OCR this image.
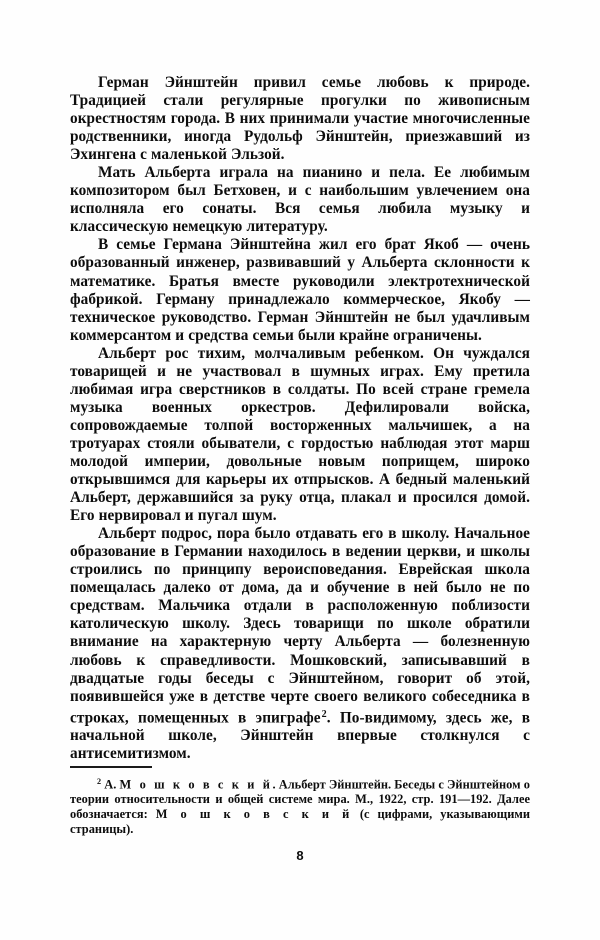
Герман Эйнштейн привил семье любовь к природе. Традицией стали регулярные прогулки по живописным окрестностям города. В них принимали участие многочисленные родственники, иногда Рудольф Эйнштейн, приезжавший из Эхингена с маленькой Эльзой.

Мать Альберта играла на пианино и пела. Ее любимым композитором был Бетховен, и с наибольшим увлечением она исполняла его сонаты. Вся семья любила музыку и классическую немецкую литературу.

В семье Германа Эйнштейна жил его брат Якоб — очень образованный инженер, развивавший у Альберта склонности к математике. Братья вместе руководили электротехнической фабрикой. Герману принадлежало коммерческое, Якобу — техническое руководство. Герман Эйнштейн не был удачливым коммерсантом и средства семьи были крайне ограничены.

Альберт рос тихим, молчаливым ребенком. Он чуждался товарищей и не участвовал в шумных играх. Ему претила любимая игра сверстников в солдаты. По всей стране гремела музыка военных оркестров. Дефилировали войска, сопровождаемые толпой восторженных мальчишек, а на тротуарах стояли обыватели, с гордостью наблюдая этот марш молодой империи, довольные новым поприщем, широко открывшимся для карьеры их отпрысков. А бедный маленький Альберт, державшийся за руку отца, плакал и просился домой. Его нервировал и пугал шум.

Альберт подрос, пора было отдавать его в школу. Начальное образование в Германии находилось в ведении церкви, и школы строились по принципу вероисповедания. Еврейская школа помещалась далеко от дома, да и обучение в ней было не по средствам. Мальчика отдали в расположенную поблизости католическую школу. Здесь товарищи по школе обратили внимание на характерную черту Альберта — болезненную любовь к справедливости. Мошковский, записывавший в двадцатые годы беседы с Эйнштейном, говорит об этой, появившейся уже в детстве черте своего великого собеседника в строках, помещенных в эпиграфе$^2$. По-видимому, здесь же, в начальной школе, Эйнштейн впервые столкнулся с антисемитизмом.

$^2$ А. М о ш к о в с к и й. Альберт Эйнштейн. Беседы с Эйнштейном о теории относительности и общей системе мира. М., 1922, стр. 191—192. Далее обозначается: М о ш к о в с к и й (с цифрами, указывающими страницы).

8
